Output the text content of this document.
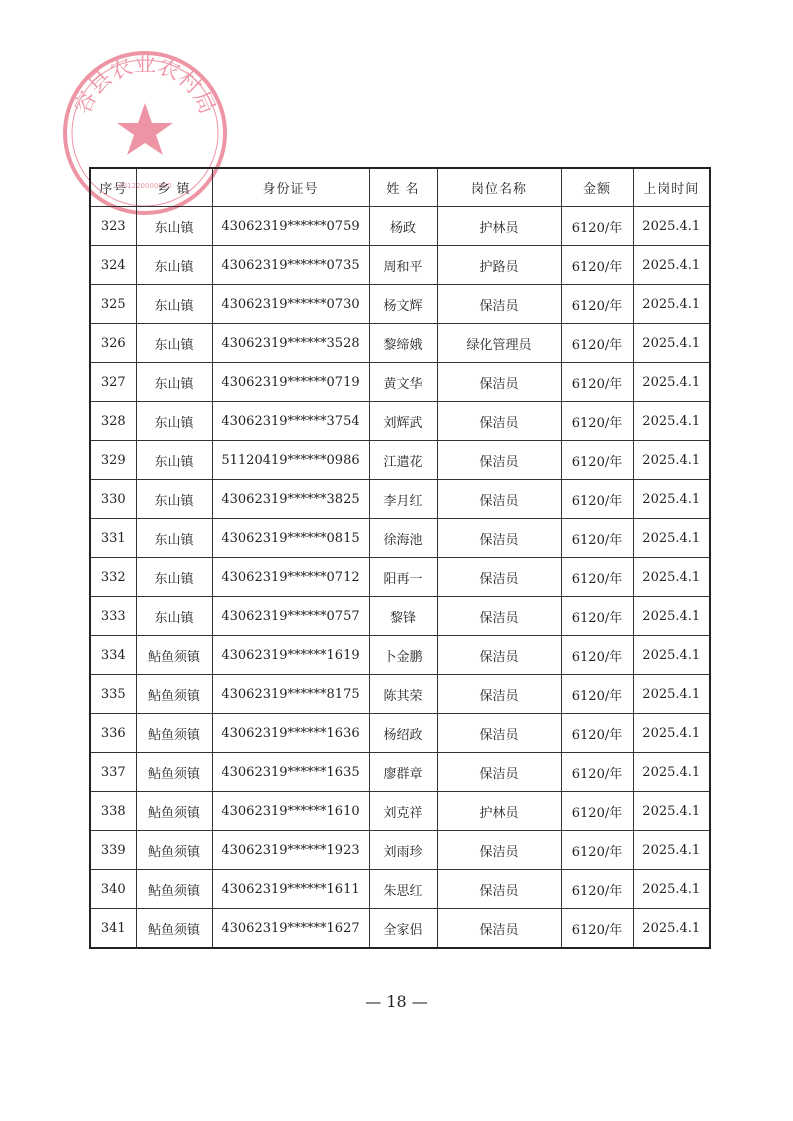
容县农业农村局
431220000000
序号	乡 镇	身份证号	姓 名	岗位名称	金额	上岗时间
323	东山镇	43062319******0759	杨政	护林员	6120/年	2025.4.1
324	东山镇	43062319******0735	周和平	护路员	6120/年	2025.4.1
325	东山镇	43062319******0730	杨文辉	保洁员	6120/年	2025.4.1
326	东山镇	43062319******3528	黎缔娥	绿化管理员	6120/年	2025.4.1
327	东山镇	43062319******0719	黄文华	保洁员	6120/年	2025.4.1
328	东山镇	43062319******3754	刘辉武	保洁员	6120/年	2025.4.1
329	东山镇	51120419******0986	江遣花	保洁员	6120/年	2025.4.1
330	东山镇	43062319******3825	李月红	保洁员	6120/年	2025.4.1
331	东山镇	43062319******0815	徐海池	保洁员	6120/年	2025.4.1
332	东山镇	43062319******0712	阳再一	保洁员	6120/年	2025.4.1
333	东山镇	43062319******0757	黎锋	保洁员	6120/年	2025.4.1
334	鲇鱼须镇	43062319******1619	卜金鹏	保洁员	6120/年	2025.4.1
335	鲇鱼须镇	43062319******8175	陈其荣	保洁员	6120/年	2025.4.1
336	鲇鱼须镇	43062319******1636	杨绍政	保洁员	6120/年	2025.4.1
337	鲇鱼须镇	43062319******1635	廖群章	保洁员	6120/年	2025.4.1
338	鲇鱼须镇	43062319******1610	刘克祥	护林员	6120/年	2025.4.1
339	鲇鱼须镇	43062319******1923	刘雨珍	保洁员	6120/年	2025.4.1
340	鲇鱼须镇	43062319******1611	朱思红	保洁员	6120/年	2025.4.1
341	鲇鱼须镇	43062319******1627	全家侣	保洁员	6120/年	2025.4.1
— 18 —
